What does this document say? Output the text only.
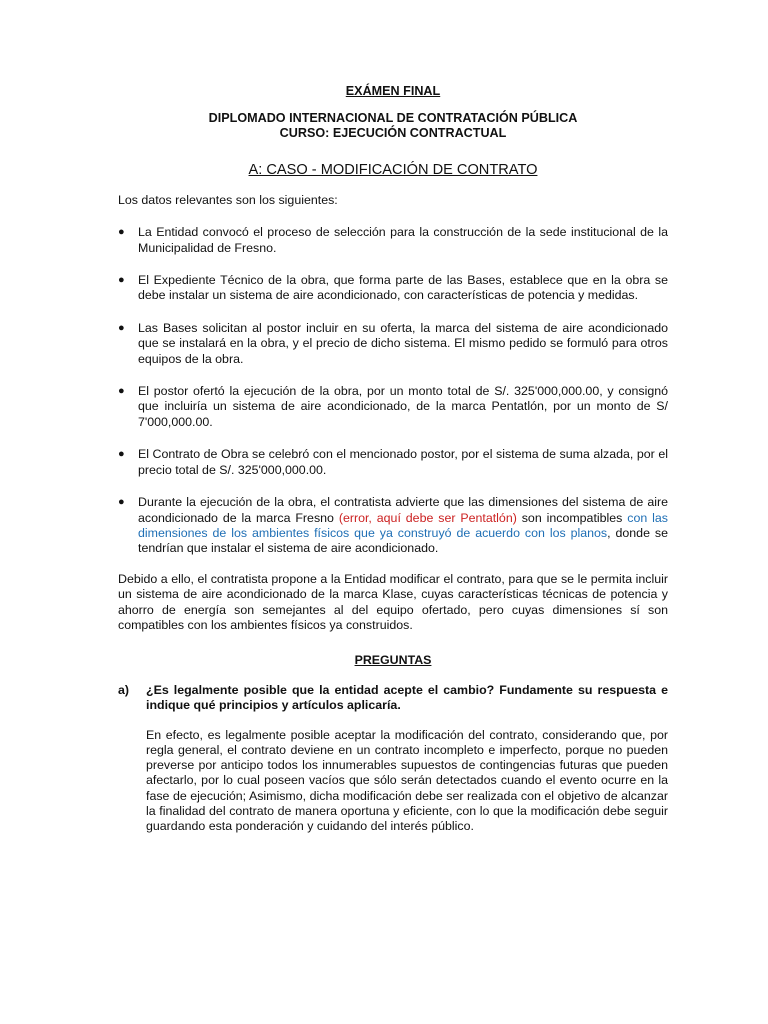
EXÁMEN FINAL
DIPLOMADO INTERNACIONAL DE CONTRATACIÓN PÚBLICA
CURSO: EJECUCIÓN CONTRACTUAL
A: CASO - MODIFICACIÓN DE CONTRATO

Los datos relevantes son los siguientes:

●	La Entidad convocó el proceso de selección para la construcción de la sede institucional de la Municipalidad de Fresno.
●	El Expediente Técnico de la obra, que forma parte de las Bases, establece que en la obra se debe instalar un sistema de aire acondicionado, con características de potencia y medidas.
●	Las Bases solicitan al postor incluir en su oferta, la marca del sistema de aire acondicionado que se instalará en la obra, y el precio de dicho sistema. El mismo pedido se formuló para otros equipos de la obra.
●	El postor ofertó la ejecución de la obra, por un monto total de S/. 325'000,000.00, y consignó que incluiría un sistema de aire acondicionado, de la marca Pentatlón, por un monto de S/ 7'000,000.00.
●	El Contrato de Obra se celebró con el mencionado postor, por el sistema de suma alzada, por el precio total de S/. 325'000,000.00.
●	Durante la ejecución de la obra, el contratista advierte que las dimensiones del sistema de aire acondicionado de la marca Fresno (error, aquí debe ser Pentatlón) son incompatibles con las dimensiones de los ambientes físicos que ya construyó de acuerdo con los planos, donde se tendrían que instalar el sistema de aire acondicionado.

Debido a ello, el contratista propone a la Entidad modificar el contrato, para que se le permita incluir un sistema de aire acondicionado de la marca Klase, cuyas características técnicas de potencia y ahorro de energía son semejantes al del equipo ofertado, pero cuyas dimensiones sí son compatibles con los ambientes físicos ya construidos.

PREGUNTAS
a) ¿Es legalmente posible que la entidad acepte el cambio? Fundamente su respuesta e indique qué principios y artículos aplicaría.

En efecto, es legalmente posible aceptar la modificación del contrato, considerando que, por regla general, el contrato deviene en un contrato incompleto e imperfecto, porque no pueden preverse por anticipo todos los innumerables supuestos de contingencias futuras que pueden afectarlo, por lo cual poseen vacíos que sólo serán detectados cuando el evento ocurre en la fase de ejecución; Asimismo, dicha modificación debe ser realizada con el objetivo de alcanzar la finalidad del contrato de manera oportuna y eficiente, con lo que la modificación debe seguir guardando esta ponderación y cuidando del interés público.
